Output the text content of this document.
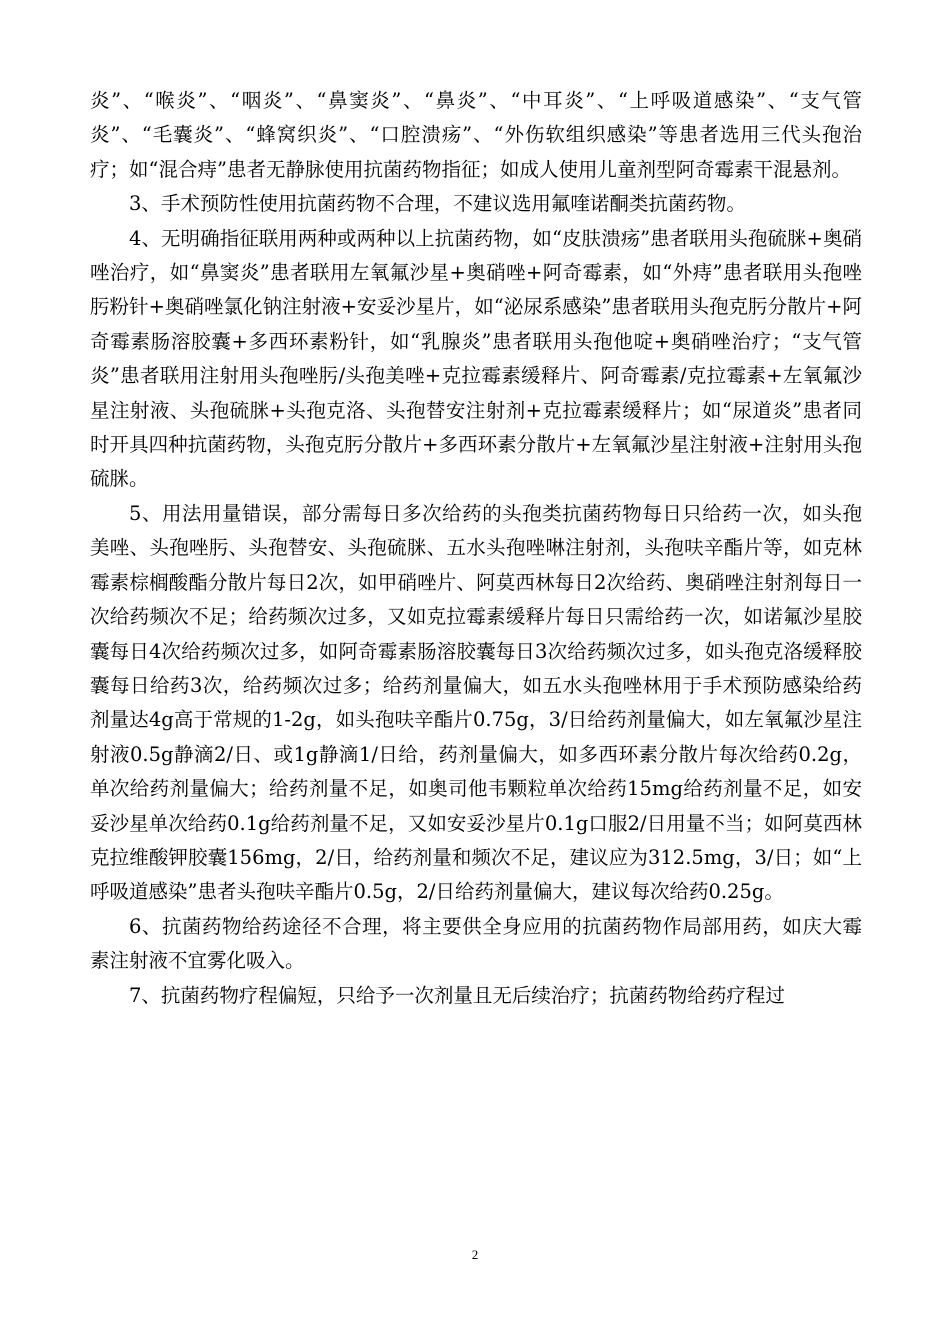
炎”、“喉炎”、“咽炎”、“鼻窦炎”、“鼻炎”、“中耳炎”、“上呼吸道感染”、“支气管炎”、“毛囊炎”、“蜂窝织炎”、“口腔溃疡”、“外伤软组织感染”等患者选用三代头孢治疗；如“混合痔”患者无静脉使用抗菌药物指征；如成人使用儿童剂型阿奇霉素干混悬剂。

3、手术预防性使用抗菌药物不合理，不建议选用氟喹诺酮类抗菌药物。

4、无明确指征联用两种或两种以上抗菌药物，如“皮肤溃疡”患者联用头孢硫脒+奥硝唑治疗，如“鼻窦炎”患者联用左氧氟沙星+奥硝唑+阿奇霉素，如“外痔”患者联用头孢唑肟粉针+奥硝唑氯化钠注射液+安妥沙星片，如“泌尿系感染”患者联用头孢克肟分散片+阿奇霉素肠溶胶囊+多西环素粉针，如“乳腺炎”患者联用头孢他啶+奥硝唑治疗；“支气管炎”患者联用注射用头孢唑肟/头孢美唑+克拉霉素缓释片、阿奇霉素/克拉霉素+左氧氟沙星注射液、头孢硫脒+头孢克洛、头孢替安注射剂+克拉霉素缓释片；如“尿道炎”患者同时开具四种抗菌药物，头孢克肟分散片+多西环素分散片+左氧氟沙星注射液+注射用头孢硫脒。

5、用法用量错误，部分需每日多次给药的头孢类抗菌药物每日只给药一次，如头孢美唑、头孢唑肟、头孢替安、头孢硫脒、五水头孢唑啉注射剂，头孢呋辛酯片等，如克林霉素棕榈酸酯分散片每日2次，如甲硝唑片、阿莫西林每日2次给药、奥硝唑注射剂每日一次给药频次不足；给药频次过多，又如克拉霉素缓释片每日只需给药一次，如诺氟沙星胶囊每日4次给药频次过多，如阿奇霉素肠溶胶囊每日3次给药频次过多，如头孢克洛缓释胶囊每日给药3次，给药频次过多；给药剂量偏大，如五水头孢唑林用于手术预防感染给药剂量达4g高于常规的1-2g，如头孢呋辛酯片0.75g，3/日给药剂量偏大，如左氧氟沙星注射液0.5g静滴2/日、或1g静滴1/日给，药剂量偏大，如多西环素分散片每次给药0.2g，单次给药剂量偏大；给药剂量不足，如奥司他韦颗粒单次给药15mg给药剂量不足，如安妥沙星单次给药0.1g给药剂量不足，又如安妥沙星片0.1g口服2/日用量不当；如阿莫西林克拉维酸钾胶囊156mg，2/日，给药剂量和频次不足，建议应为312.5mg，3/日；如“上呼吸道感染”患者头孢呋辛酯片0.5g，2/日给药剂量偏大，建议每次给药0.25g。

6、抗菌药物给药途径不合理，将主要供全身应用的抗菌药物作局部用药，如庆大霉素注射液不宜雾化吸入。

7、抗菌药物疗程偏短，只给予一次剂量且无后续治疗；抗菌药物给药疗程过

2
